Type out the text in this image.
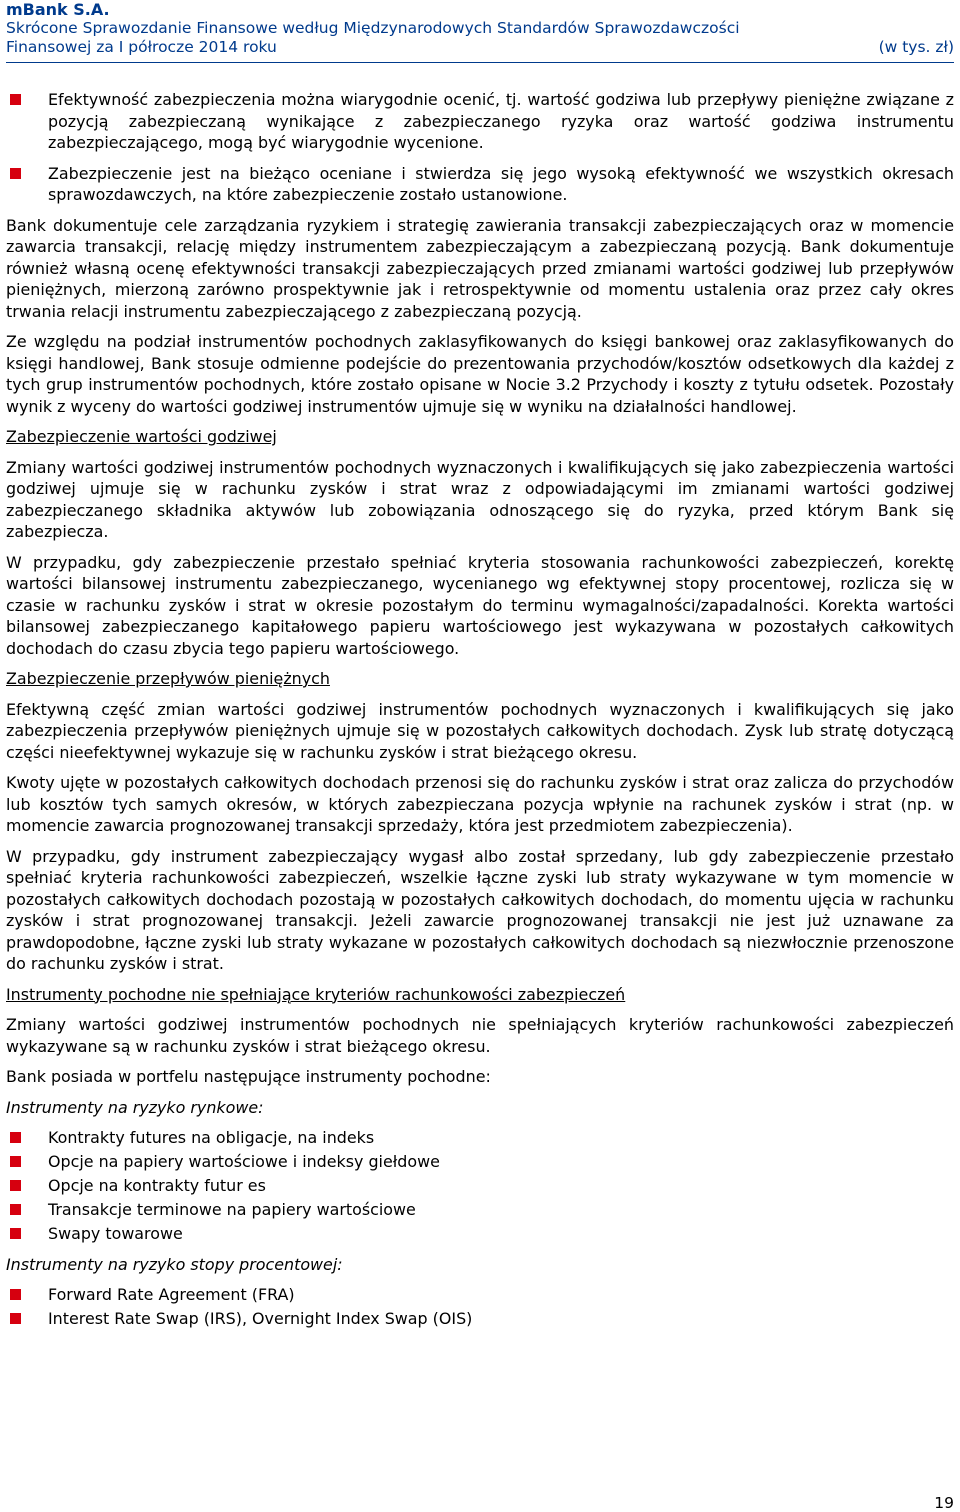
mBank S.A.
Skrócone Sprawozdanie Finansowe według Międzynarodowych Standardów Sprawozdawczości
Finansowej za I półrocze 2014 roku	(w tys. zł)
Efektywność zabezpieczenia można wiarygodnie ocenić, tj. wartość godziwa lub przepływy pieniężne związane z pozycją zabezpieczaną wynikające z zabezpieczanego ryzyka oraz wartość godziwa instrumentu zabezpieczającego, mogą być wiarygodnie wycenione.
Zabezpieczenie jest na bieżąco oceniane i stwierdza się jego wysoką efektywność we wszystkich okresach sprawozdawczych, na które zabezpieczenie zostało ustanowione.

Bank dokumentuje cele zarządzania ryzykiem i strategię zawierania transakcji zabezpieczających oraz w momencie zawarcia transakcji, relację między instrumentem zabezpieczającym a zabezpieczaną pozycją. Bank dokumentuje również własną ocenę efektywności transakcji zabezpieczających przed zmianami wartości godziwej lub przepływów pieniężnych, mierzoną zarówno prospektywnie jak i retrospektywnie od momentu ustalenia oraz przez cały okres trwania relacji instrumentu zabezpieczającego z zabezpieczaną pozycją.

Ze względu na podział instrumentów pochodnych zaklasyfikowanych do księgi bankowej oraz zaklasyfikowanych do księgi handlowej, Bank stosuje odmienne podejście do prezentowania przychodów/kosztów odsetkowych dla każdej z tych grup instrumentów pochodnych, które zostało opisane w Nocie 3.2 Przychody i koszty z tytułu odsetek. Pozostały wynik z wyceny do wartości godziwej instrumentów ujmuje się w wyniku na działalności handlowej.

Zabezpieczenie wartości godziwej

Zmiany wartości godziwej instrumentów pochodnych wyznaczonych i kwalifikujących się jako zabezpieczenia wartości godziwej ujmuje się w rachunku zysków i strat wraz z odpowiadającymi im zmianami wartości godziwej zabezpieczanego składnika aktywów lub zobowiązania odnoszącego się do ryzyka, przed którym Bank się zabezpiecza.

W przypadku, gdy zabezpieczenie przestało spełniać kryteria stosowania rachunkowości zabezpieczeń, korektę wartości bilansowej instrumentu zabezpieczanego, wycenianego wg efektywnej stopy procentowej, rozlicza się w czasie w rachunku zysków i strat w okresie pozostałym do terminu wymagalności/zapadalności. Korekta wartości bilansowej zabezpieczanego kapitałowego papieru wartościowego jest wykazywana w pozostałych całkowitych dochodach do czasu zbycia tego papieru wartościowego.

Zabezpieczenie przepływów pieniężnych

Efektywną część zmian wartości godziwej instrumentów pochodnych wyznaczonych i kwalifikujących się jako zabezpieczenia przepływów pieniężnych ujmuje się w pozostałych całkowitych dochodach. Zysk lub stratę dotyczącą części nieefektywnej wykazuje się w rachunku zysków i strat bieżącego okresu.

Kwoty ujęte w pozostałych całkowitych dochodach przenosi się do rachunku zysków i strat oraz zalicza do przychodów lub kosztów tych samych okresów, w których zabezpieczana pozycja wpłynie na rachunek zysków i strat (np. w momencie zawarcia prognozowanej transakcji sprzedaży, która jest przedmiotem zabezpieczenia).

W przypadku, gdy instrument zabezpieczający wygasł albo został sprzedany, lub gdy zabezpieczenie przestało spełniać kryteria rachunkowości zabezpieczeń, wszelkie łączne zyski lub straty wykazywane w tym momencie w pozostałych całkowitych dochodach pozostają w pozostałych całkowitych dochodach, do momentu ujęcia w rachunku zysków i strat prognozowanej transakcji. Jeżeli zawarcie prognozowanej transakcji nie jest już uznawane za prawdopodobne, łączne zyski lub straty wykazane w pozostałych całkowitych dochodach są niezwłocznie przenoszone do rachunku zysków i strat.

Instrumenty pochodne nie spełniające kryteriów rachunkowości zabezpieczeń

Zmiany wartości godziwej instrumentów pochodnych nie spełniających kryteriów rachunkowości zabezpieczeń wykazywane są w rachunku zysków i strat bieżącego okresu.

Bank posiada w portfelu następujące instrumenty pochodne:

Instrumenty na ryzyko rynkowe:

Kontrakty futures na obligacje, na indeks
Opcje na papiery wartościowe i indeksy giełdowe
Opcje na kontrakty futur es
Transakcje terminowe na papiery wartościowe
Swapy towarowe

Instrumenty na ryzyko stopy procentowej:

Forward Rate Agreement (FRA)
Interest Rate Swap (IRS), Overnight Index Swap (OIS)
19
